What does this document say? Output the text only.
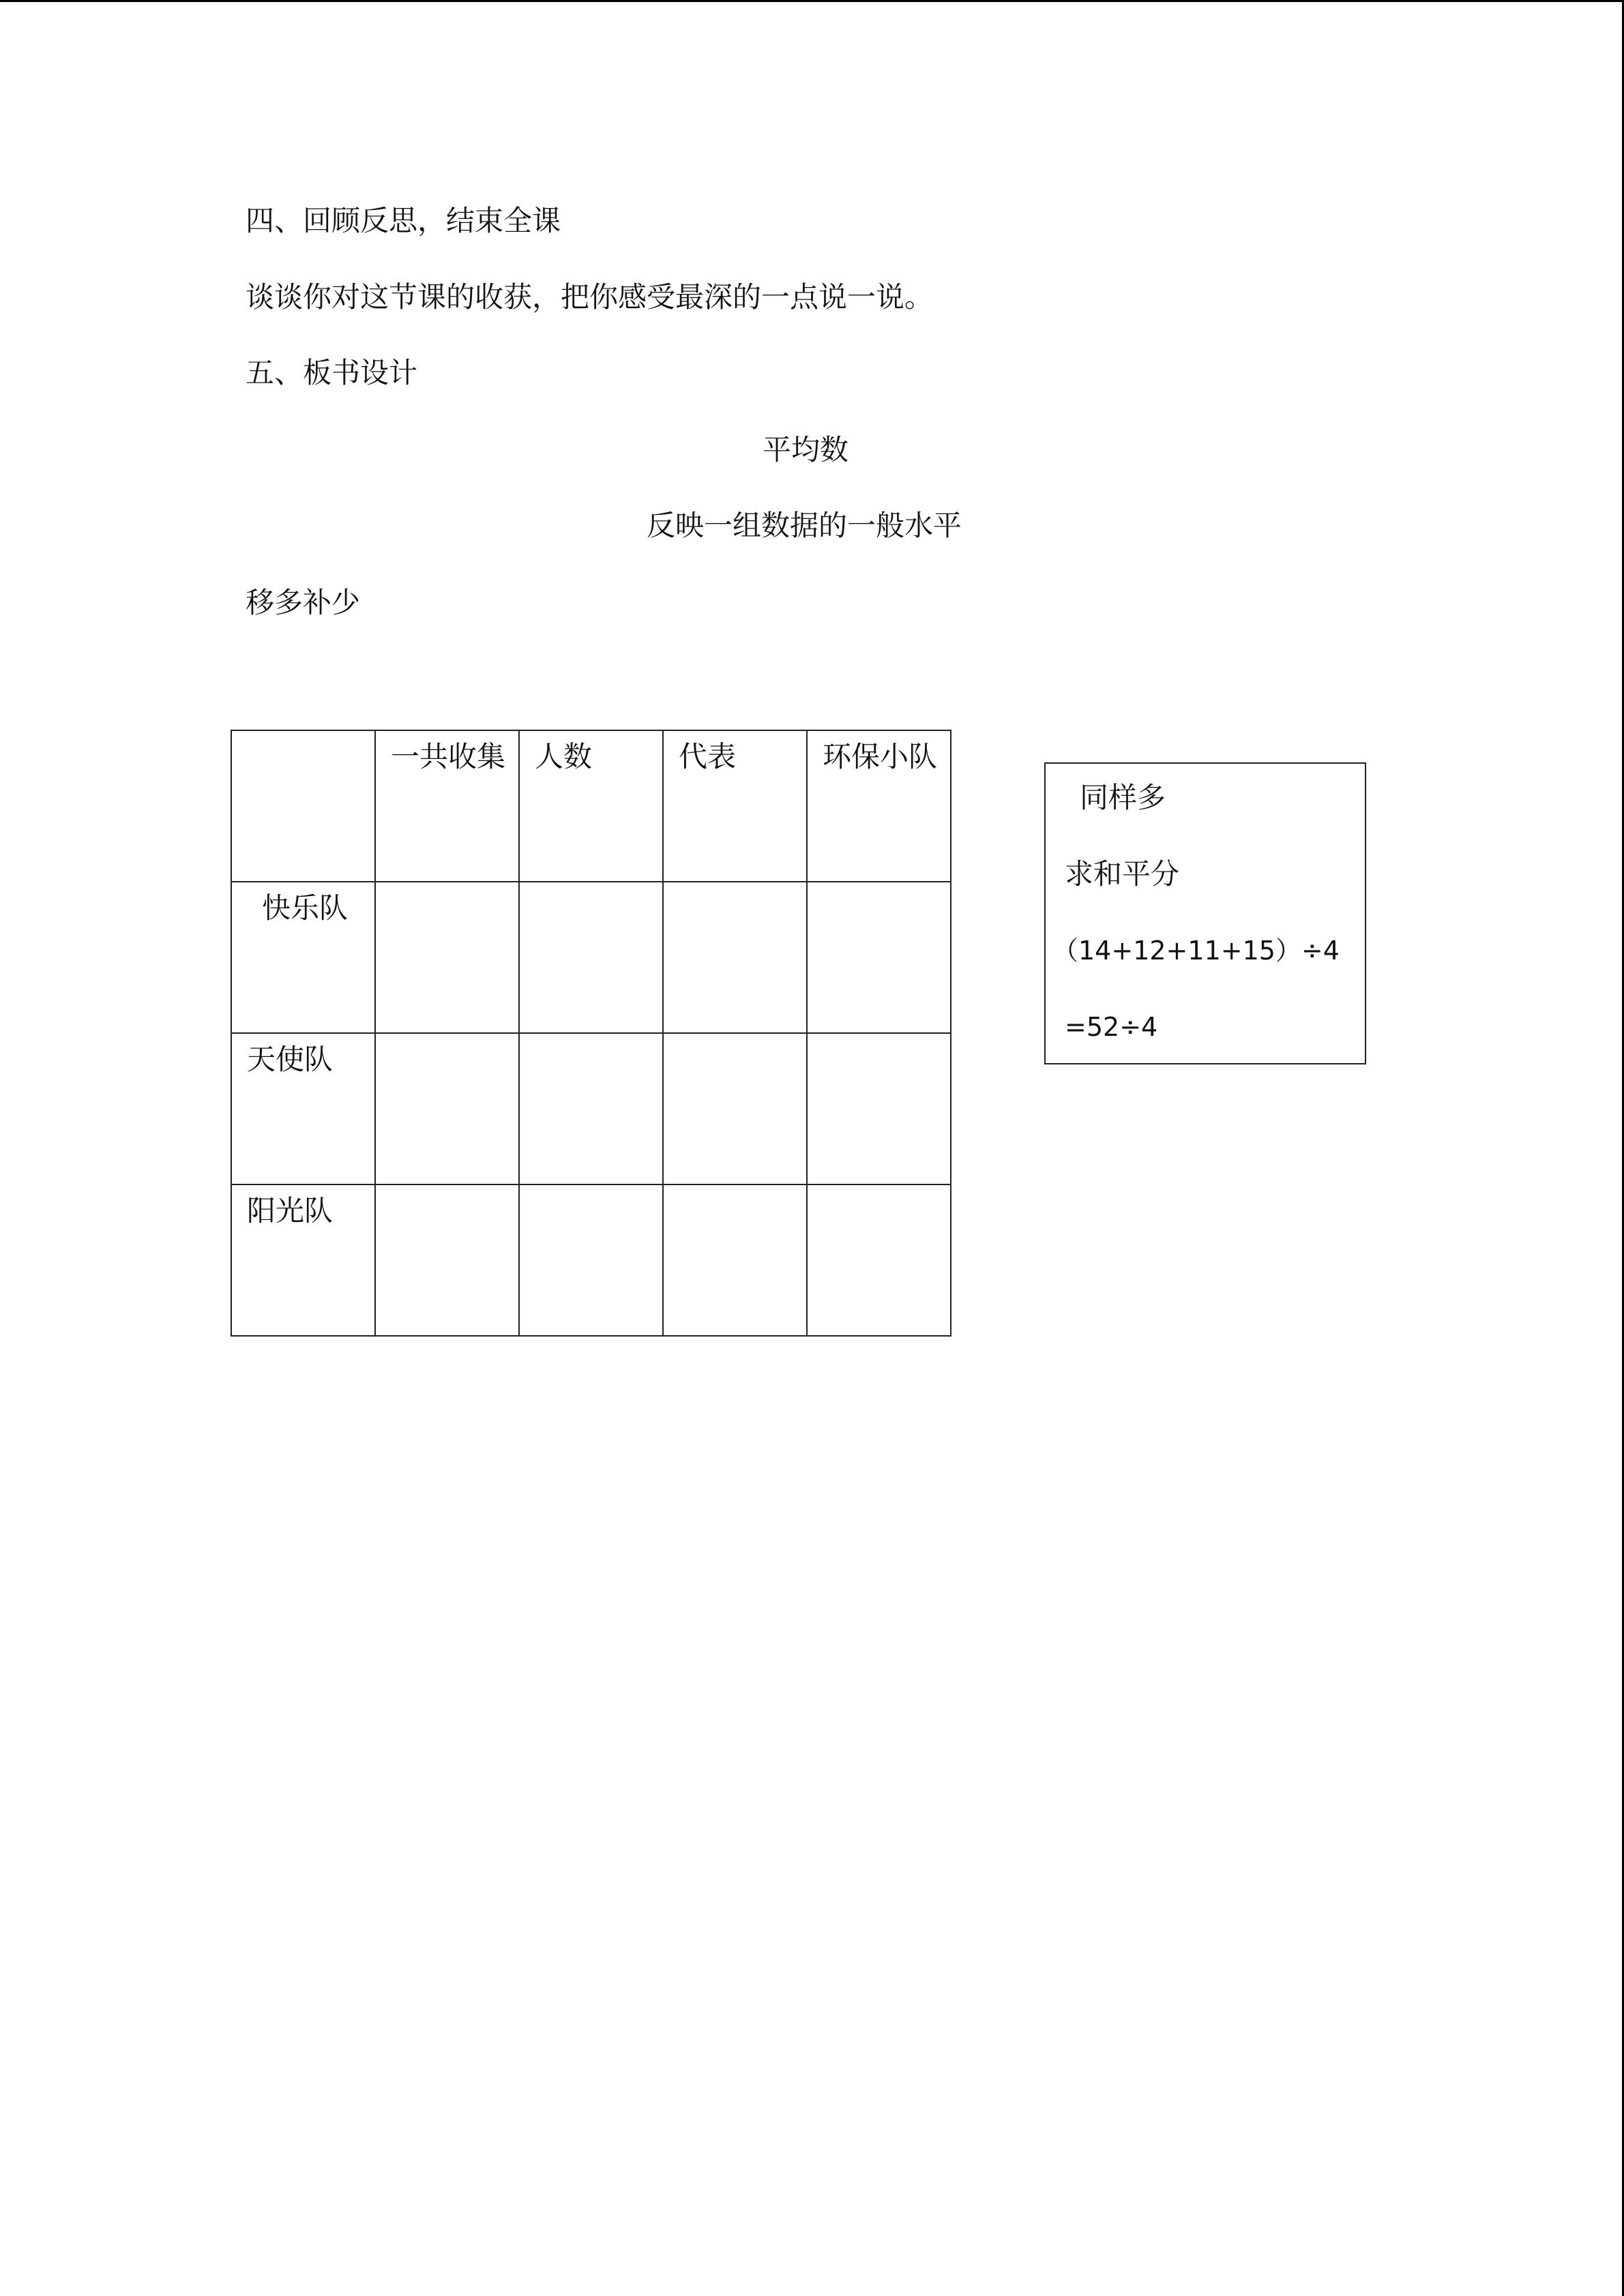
四、回顾反思，结束全课
谈谈你对这节课的收获，把你感受最深的一点说一说。
五、板书设计
平均数
反映一组数据的一般水平
移多补少
	一共收集	人数	代表	环保小队
快乐队				
天使队				
阳光队				
同样多
求和平分
（14+12+11+15）÷4
=52÷4
